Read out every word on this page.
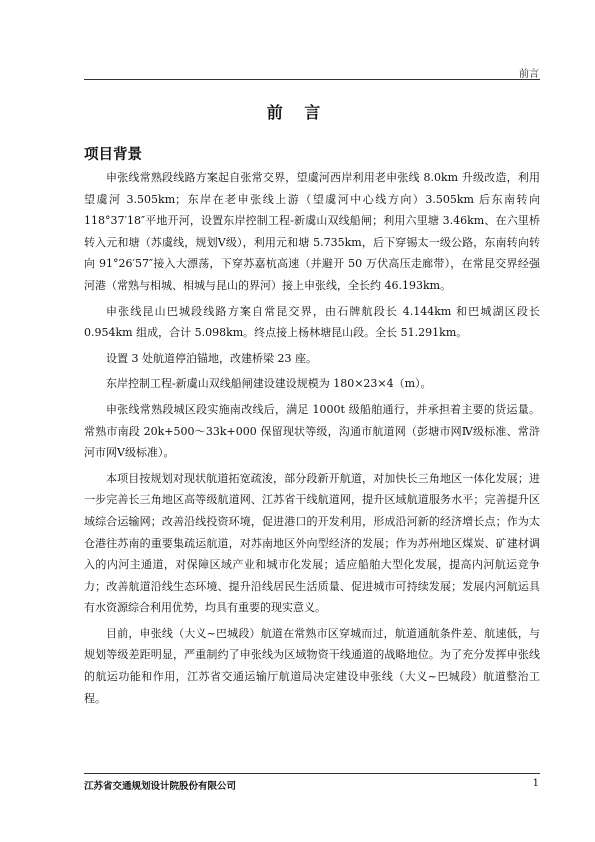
前言
前 言
项目背景

申张线常熟段线路方案起自张常交界，望虞河西岸利用老申张线 8.0km 升级改造，利用望虞河 3.505km；东岸在老申张线上游（望虞河中心线方向）3.505km 后东南转向 118°37′18″平地开河，设置东岸控制工程-新虞山双线船闸；利用六里塘 3.46km、在六里桥转入元和塘（苏虞线，规划Ⅴ级），利用元和塘 5.735km，后下穿锡太一级公路，东南转向转向 91°26′57″接入大漂荡，下穿苏嘉杭高速（并避开 50 万伏高压走廊带），在常昆交界经强河港（常熟与相城、相城与昆山的界河）接上申张线，全长约 46.193km。

申张线昆山巴城段线路方案自常昆交界，由石牌航段长 4.144km 和巴城湖区段长 0.954km 组成，合计 5.098km。终点接上杨林塘昆山段。全长 51.291km。

设置 3 处航道停泊锚地，改建桥梁 23 座。

东岸控制工程-新虞山双线船闸建设建设规模为 180×23×4（m）。

申张线常熟段城区段实施南改线后，满足 1000t 级船舶通行，并承担着主要的货运量。常熟市南段 20k+500～33k+000 保留现状等级，沟通市航道网（彭塘市网Ⅳ级标准、常浒河市网Ⅴ级标准）。

本项目按规划对现状航道拓宽疏浚，部分段新开航道，对加快长三角地区一体化发展；进一步完善长三角地区高等级航道网、江苏省干线航道网，提升区域航道服务水平；完善提升区域综合运输网；改善沿线投资环境，促进港口的开发利用，形成沿河新的经济增长点；作为太仓港往苏南的重要集疏运航道，对苏南地区外向型经济的发展；作为苏州地区煤炭、矿建材调入的内河主通道，对保障区域产业和城市化发展；适应船舶大型化发展，提高内河航运竞争力；改善航道沿线生态环境、提升沿线居民生活质量、促进城市可持续发展；发展内河航运具有水资源综合利用优势，均具有重要的现实意义。

目前，申张线（大义~巴城段）航道在常熟市区穿城而过，航道通航条件差、航速低，与规划等级差距明显，严重制约了申张线为区域物资干线通道的战略地位。为了充分发挥申张线的航运功能和作用，江苏省交通运输厅航道局决定建设申张线（大义~巴城段）航道整治工程。

江苏省交通规划设计院股份有限公司	1
